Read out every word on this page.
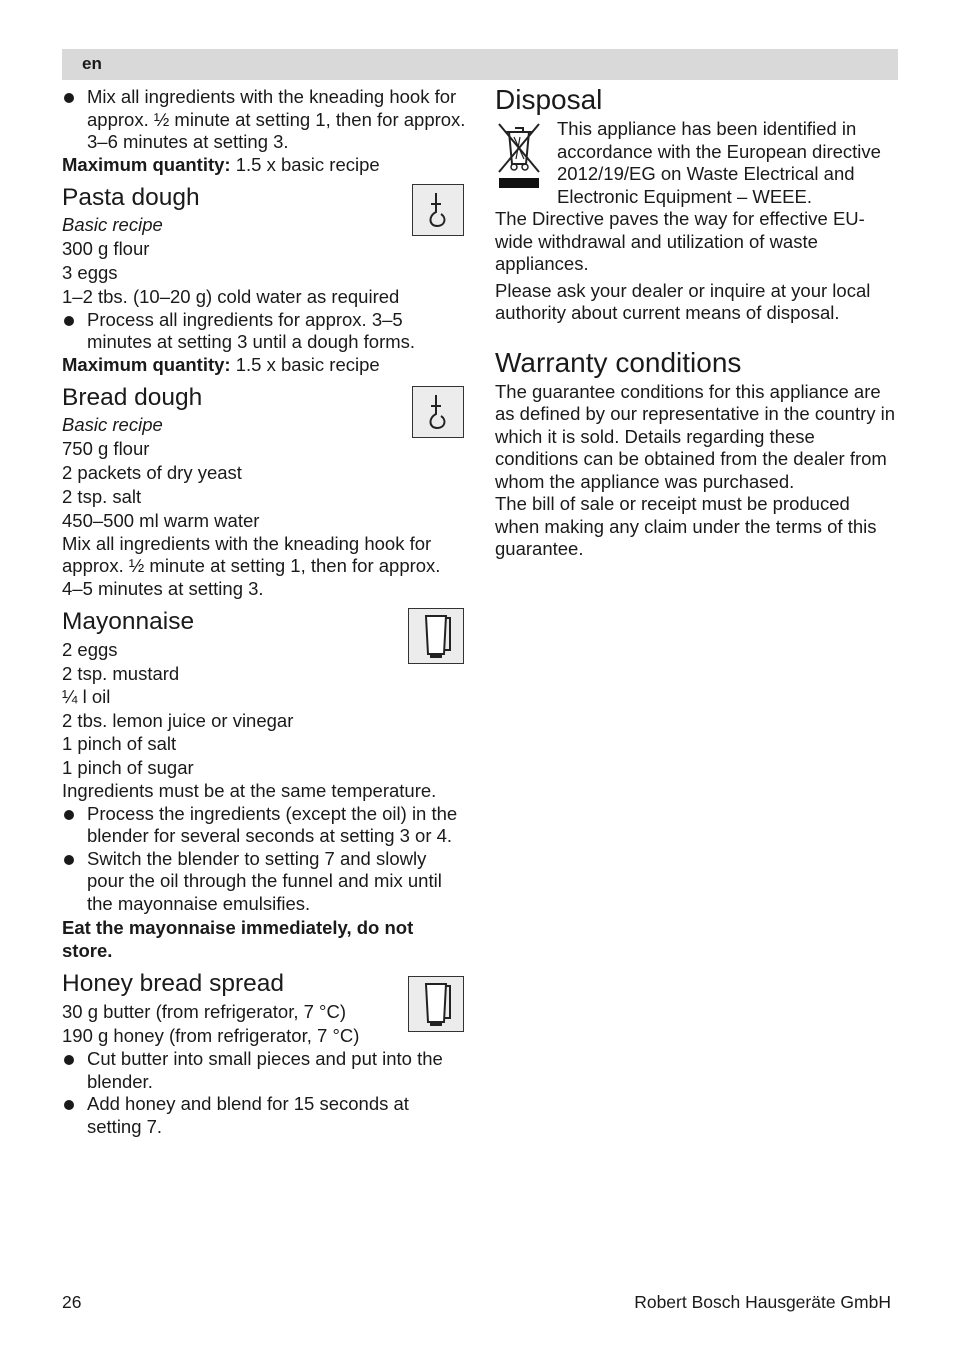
en

Mix all ingredients with the kneading hook for approx. ½ minute at setting 1, then for approx. 3–6 minutes at setting 3.

Maximum quantity: 1.5 x basic recipe

Pasta dough

Basic recipe

300 g flour

3 eggs

1–2 tbs. (10–20 g) cold water as required

Process all ingredients for approx. 3–5 minutes at setting 3 until a dough forms.

Maximum quantity: 1.5 x basic recipe

Bread dough

Basic recipe

750 g flour

2 packets of dry yeast

2 tsp. salt

450–500 ml warm water

Mix all ingredients with the kneading hook for approx. ½ minute at setting 1, then for approx. 4–5 minutes at setting 3.

Mayonnaise

2 eggs

2 tsp. mustard

¼ l oil

2 tbs. lemon juice or vinegar

1 pinch of salt

1 pinch of sugar

Ingredients must be at the same temperature.

Process the ingredients (except the oil) in the blender for several seconds at setting 3 or 4.

Switch the blender to setting 7 and slowly pour the oil through the funnel and mix until the mayonnaise emulsifies.

Eat the mayonnaise immediately, do not store.

Honey bread spread

30 g butter (from refrigerator, 7 °C)

190 g honey (from refrigerator, 7 °C)

Cut butter into small pieces and put into the blender.

Add honey and blend for 15 seconds at setting 7.

Disposal

This appliance has been identified in accordance with the European directive 2012/19/EG on Waste Electrical and Electronic Equipment – WEEE.

The Directive paves the way for effective EU-wide withdrawal and utilization of waste appliances.

Please ask your dealer or inquire at your local authority about current means of disposal.

Warranty conditions

The guarantee conditions for this appliance are as defined by our representative in the country in which it is sold. Details regarding these conditions can be obtained from the dealer from whom the appliance was purchased.

The bill of sale or receipt must be produced when making any claim under the terms of this guarantee.

26	Robert Bosch Hausgeräte GmbH
